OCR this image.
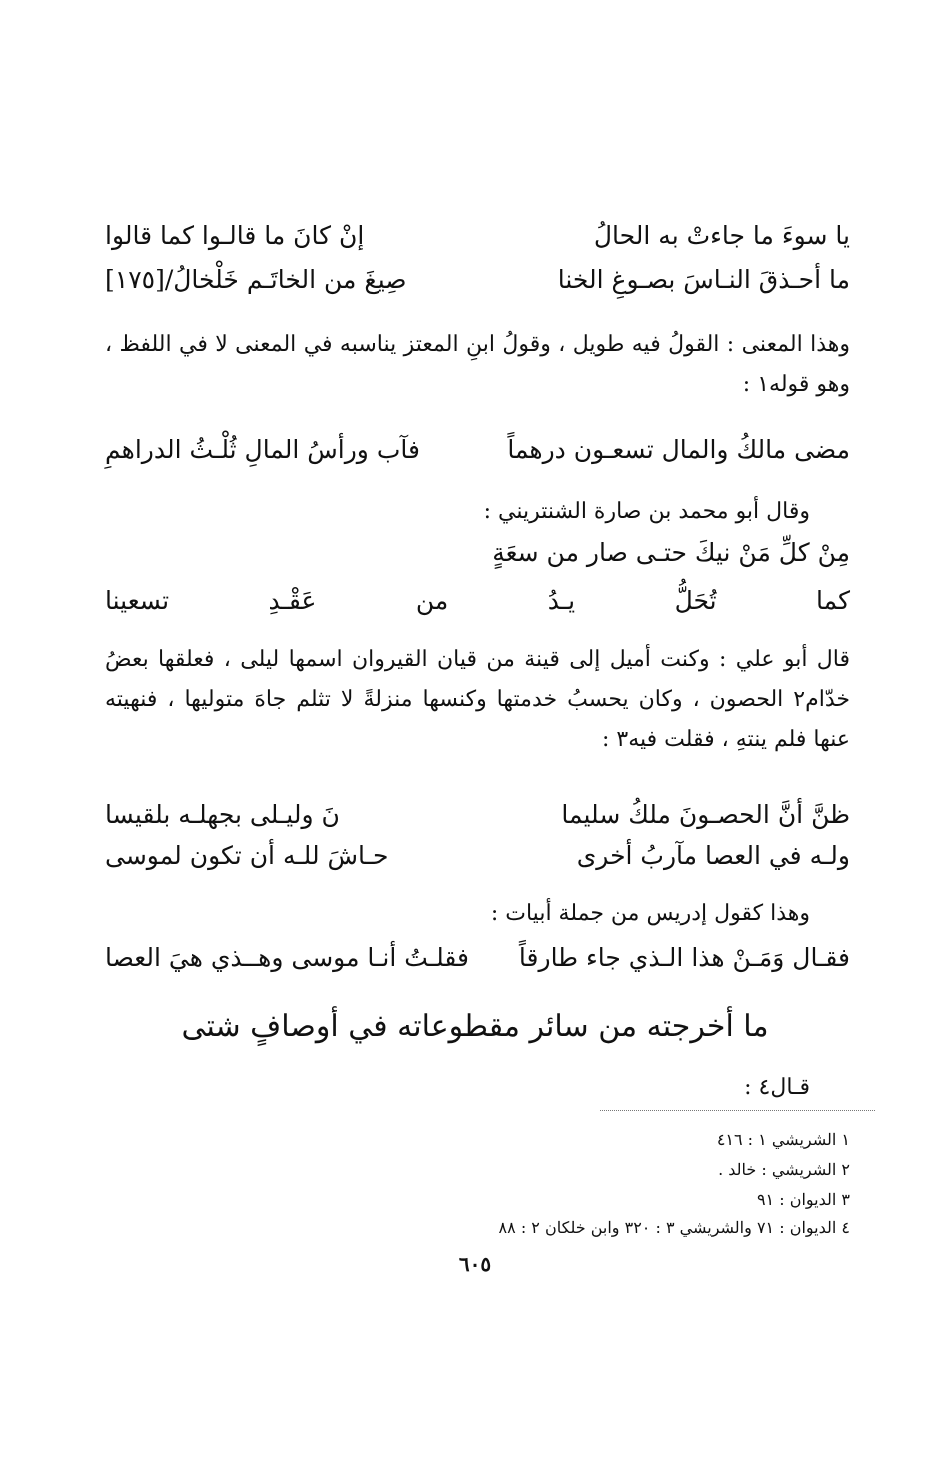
يا سوءَ ما جاءتْ به الحالُ
إنْ كانَ ما قالـوا كما قالوا
ما أحـذقَ النـاسَ بصـوغِ الخنا
صِيغَ من الخاتَـم خَلْخالُ/[١٧٥]
وهذا المعنى : القولُ فيه طويل ، وقولُ ابنِ المعتز يناسبه في المعنى لا في اللفظ ، وهو قوله١ :
مضى مالكُ والمال تسعـون درهماً
فآب ورأسُ المالِ ثُلْـثُ الدراهمِ
وقال أبو محمد بن صارة الشنتريني :
مِنْ كلِّ مَنْ نيكَ حتـى صار من سعَةٍ
كما
تُحَلُّ
يـدُ
من
عَقْـدِ
تسعينا
قال أبو علي : وكنت أميل إلى قينة من قيان القيروان اسمها ليلى ، فعلقها بعضُ خدّام٢ الحصون ، وكان يحسبُ خدمتها وكنسها منزلةً لا تثلم جاهَ متوليها ، فنهيته عنها فلم ينتهِ ، فقلت فيه٣ :
ظنَّ أنَّ الحصـونَ ملكُ سليما
نَ وليـلى بجهلـه بلقيسا
ولـه في العصا مآربُ أخرى
حـاشَ للـه أن تكون لموسى
وهذا كقول إدريس من جملة أبيات :
فقـال وَمَـنْ هذا الـذي جاء طارقاً
فقلـتُ أنـا موسى وهــذي هيَ العصا
ما أخرجته من سائر مقطوعاته في أوصافٍ شتى
قـال٤ :
١ الشريشي ١ : ٤١٦
٢ الشريشي : خالد .
٣ الديوان : ٩١
٤ الديوان : ٧١ والشريشي ٣ : ٣٢٠ وابن خلكان ٢ : ٨٨
٦٠٥
